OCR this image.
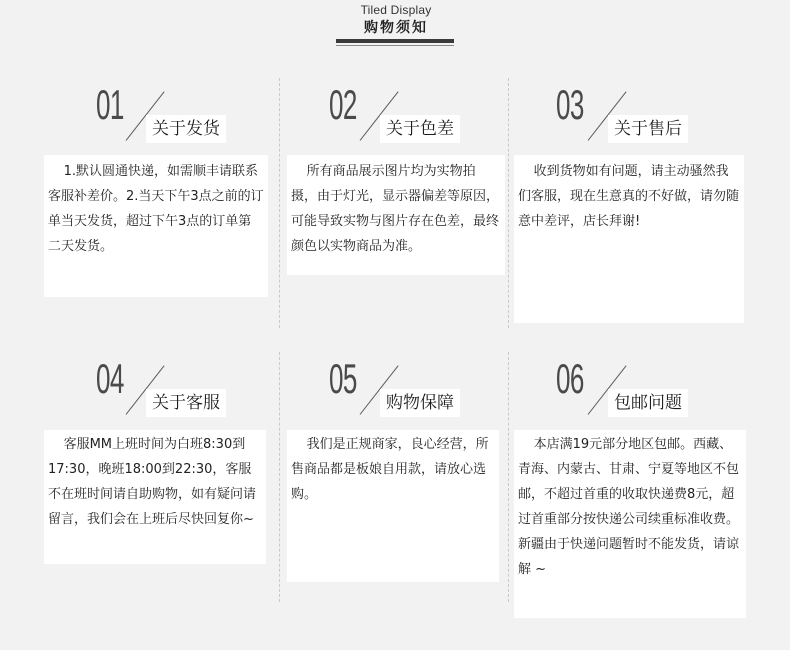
Tiled Display
购物须知
01
关于发货

1.默认圆通快递，如需顺丰请联系客服补差价。2.当天下午3点之前的订单当天发货，超过下午3点的订单第二天发货。

02
关于色差

所有商品展示图片均为实物拍摄，由于灯光，显示器偏差等原因，可能导致实物与图片存在色差，最终颜色以实物商品为准。

03
关于售后

收到货物如有问题，请主动骚然我们客服，现在生意真的不好做，请勿随意中差评，店长拜谢!

04
关于客服

客服MM上班时间为白班8:30到17:30，晚班18:00到22:30，客服不在班时间请自助购物，如有疑问请留言，我们会在上班后尽快回复你~

05
购物保障

我们是正规商家，良心经营，所售商品都是板娘自用款，请放心选购。

06
包邮问题

本店满19元部分地区包邮。西藏、青海、内蒙古、甘肃、宁夏等地区不包邮，不超过首重的收取快递费8元，超过首重部分按快递公司续重标准收费。新疆由于快递问题暂时不能发货，请谅解 ~
